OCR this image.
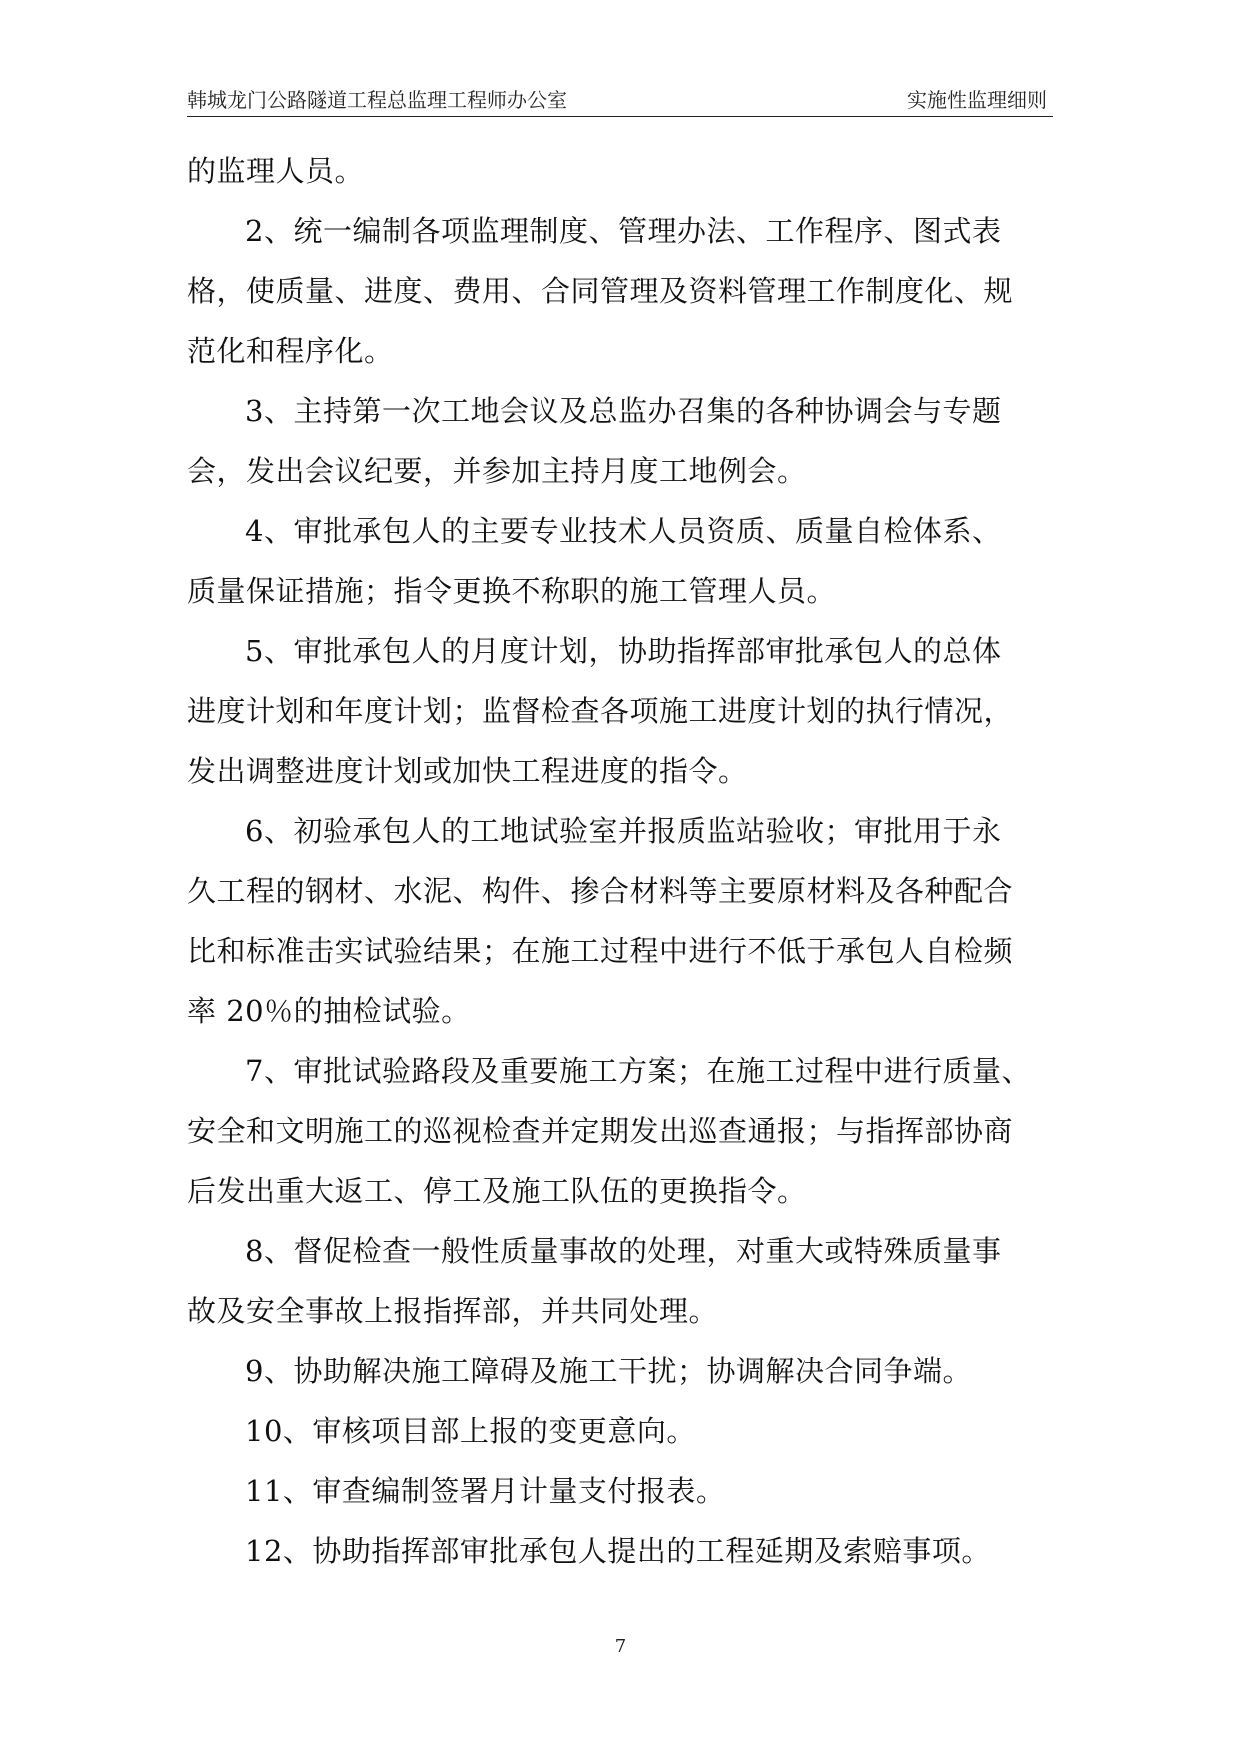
韩城龙门公路隧道工程总监理工程师办公室	实施性监理细则
的监理人员。
2、统一编制各项监理制度、管理办法、工作程序、图式表
格，使质量、进度、费用、合同管理及资料管理工作制度化、规
范化和程序化。
3、主持第一次工地会议及总监办召集的各种协调会与专题
会，发出会议纪要，并参加主持月度工地例会。
4、审批承包人的主要专业技术人员资质、质量自检体系、
质量保证措施；指令更换不称职的施工管理人员。
5、审批承包人的月度计划，协助指挥部审批承包人的总体
进度计划和年度计划；监督检查各项施工进度计划的执行情况，
发出调整进度计划或加快工程进度的指令。
6、初验承包人的工地试验室并报质监站验收；审批用于永
久工程的钢材、水泥、构件、掺合材料等主要原材料及各种配合
比和标准击实试验结果；在施工过程中进行不低于承包人自检频
率 20％的抽检试验。
7、审批试验路段及重要施工方案；在施工过程中进行质量、
安全和文明施工的巡视检查并定期发出巡查通报；与指挥部协商
后发出重大返工、停工及施工队伍的更换指令。
8、督促检查一般性质量事故的处理，对重大或特殊质量事
故及安全事故上报指挥部，并共同处理。
9、协助解决施工障碍及施工干扰；协调解决合同争端。
10、审核项目部上报的变更意向。
11、审查编制签署月计量支付报表。
12、协助指挥部审批承包人提出的工程延期及索赔事项。
7
